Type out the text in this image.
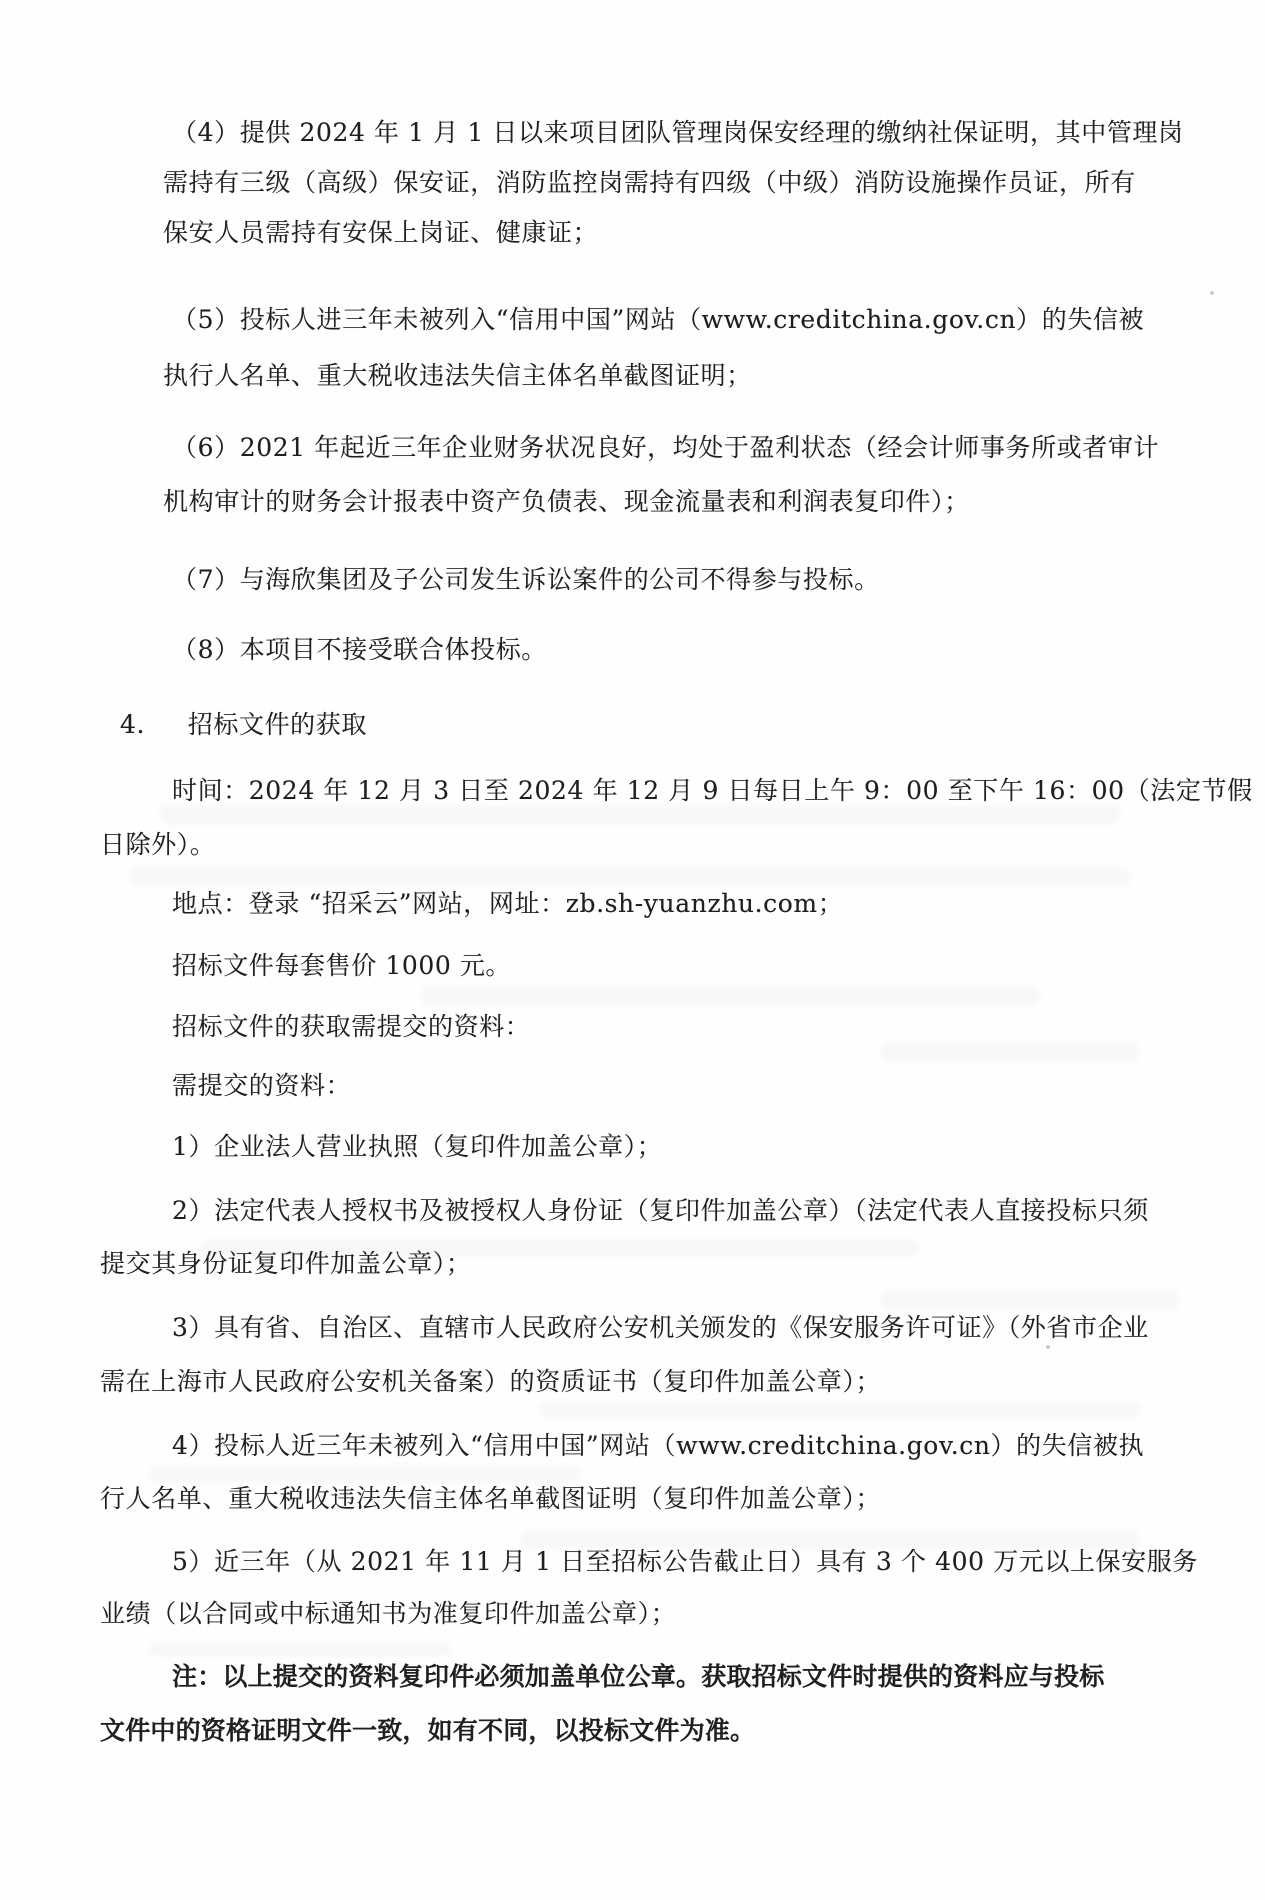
（4）提供 2024 年 1 月 1 日以来项目团队管理岗保安经理的缴纳社保证明，其中管理岗
需持有三级（高级）保安证，消防监控岗需持有四级（中级）消防设施操作员证，所有
保安人员需持有安保上岗证、健康证；
（5）投标人进三年未被列入“信用中国”网站（www.creditchina.gov.cn）的失信被
执行人名单、重大税收违法失信主体名单截图证明；
（6）2021 年起近三年企业财务状况良好，均处于盈利状态（经会计师事务所或者审计
机构审计的财务会计报表中资产负债表、现金流量表和利润表复印件）；
（7）与海欣集团及子公司发生诉讼案件的公司不得参与投标。
（8）本项目不接受联合体投标。
4.     招标文件的获取
时间：2024 年 12 月 3 日至 2024 年 12 月 9 日每日上午 9：00 至下午 16：00（法定节假
日除外）。
地点：登录 “招采云”网站，网址：zb.sh-yuanzhu.com；
招标文件每套售价 1000 元。
招标文件的获取需提交的资料：
需提交的资料：
1）企业法人营业执照（复印件加盖公章）；
2）法定代表人授权书及被授权人身份证（复印件加盖公章）（法定代表人直接投标只须
提交其身份证复印件加盖公章）；
3）具有省、自治区、直辖市人民政府公安机关颁发的《保安服务许可证》（外省市企业
需在上海市人民政府公安机关备案）的资质证书（复印件加盖公章）；
4）投标人近三年未被列入“信用中国”网站（www.creditchina.gov.cn）的失信被执
行人名单、重大税收违法失信主体名单截图证明（复印件加盖公章）；
5）近三年（从 2021 年 11 月 1 日至招标公告截止日）具有 3 个 400 万元以上保安服务
业绩（以合同或中标通知书为准复印件加盖公章）；
注：以上提交的资料复印件必须加盖单位公章。获取招标文件时提供的资料应与投标
文件中的资格证明文件一致，如有不同，以投标文件为准。
